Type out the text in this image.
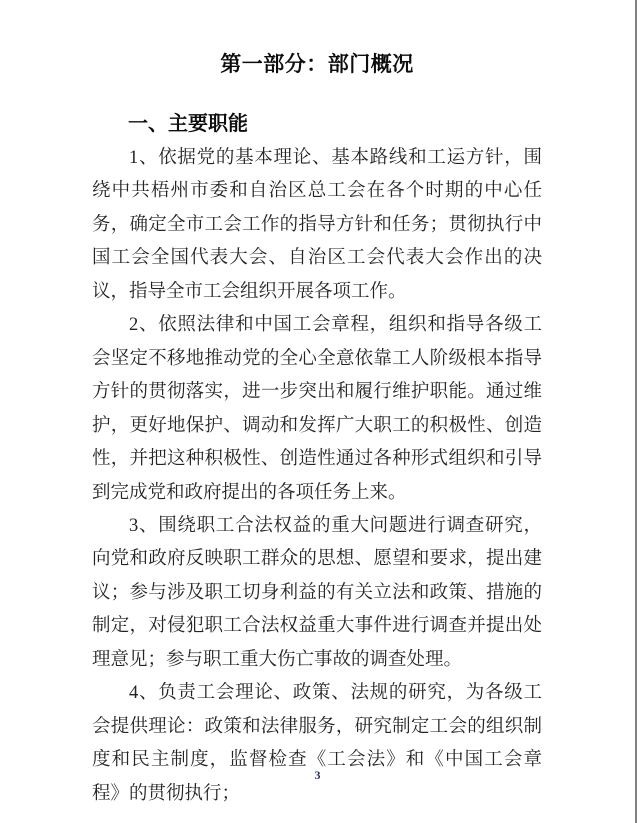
第一部分：部门概况
一、主要职能

1、依据党的基本理论、基本路线和工运方针，围绕中共梧州市委和自治区总工会在各个时期的中心任务，确定全市工会工作的指导方针和任务；贯彻执行中国工会全国代表大会、自治区工会代表大会作出的决议，指导全市工会组织开展各项工作。

2、依照法律和中国工会章程，组织和指导各级工会坚定不移地推动党的全心全意依靠工人阶级根本指导方针的贯彻落实，进一步突出和履行维护职能。通过维护，更好地保护、调动和发挥广大职工的积极性、创造性，并把这种积极性、创造性通过各种形式组织和引导到完成党和政府提出的各项任务上来。

3、围绕职工合法权益的重大问题进行调查研究，向党和政府反映职工群众的思想、愿望和要求，提出建议；参与涉及职工切身利益的有关立法和政策、措施的制定，对侵犯职工合法权益重大事件进行调查并提出处理意见；参与职工重大伤亡事故的调查处理。

4、负责工会理论、政策、法规的研究，为各级工会提供理论：政策和法律服务，研究制定工会的组织制度和民主制度，监督检查《工会法》和《中国工会章程》的贯彻执行；

3
